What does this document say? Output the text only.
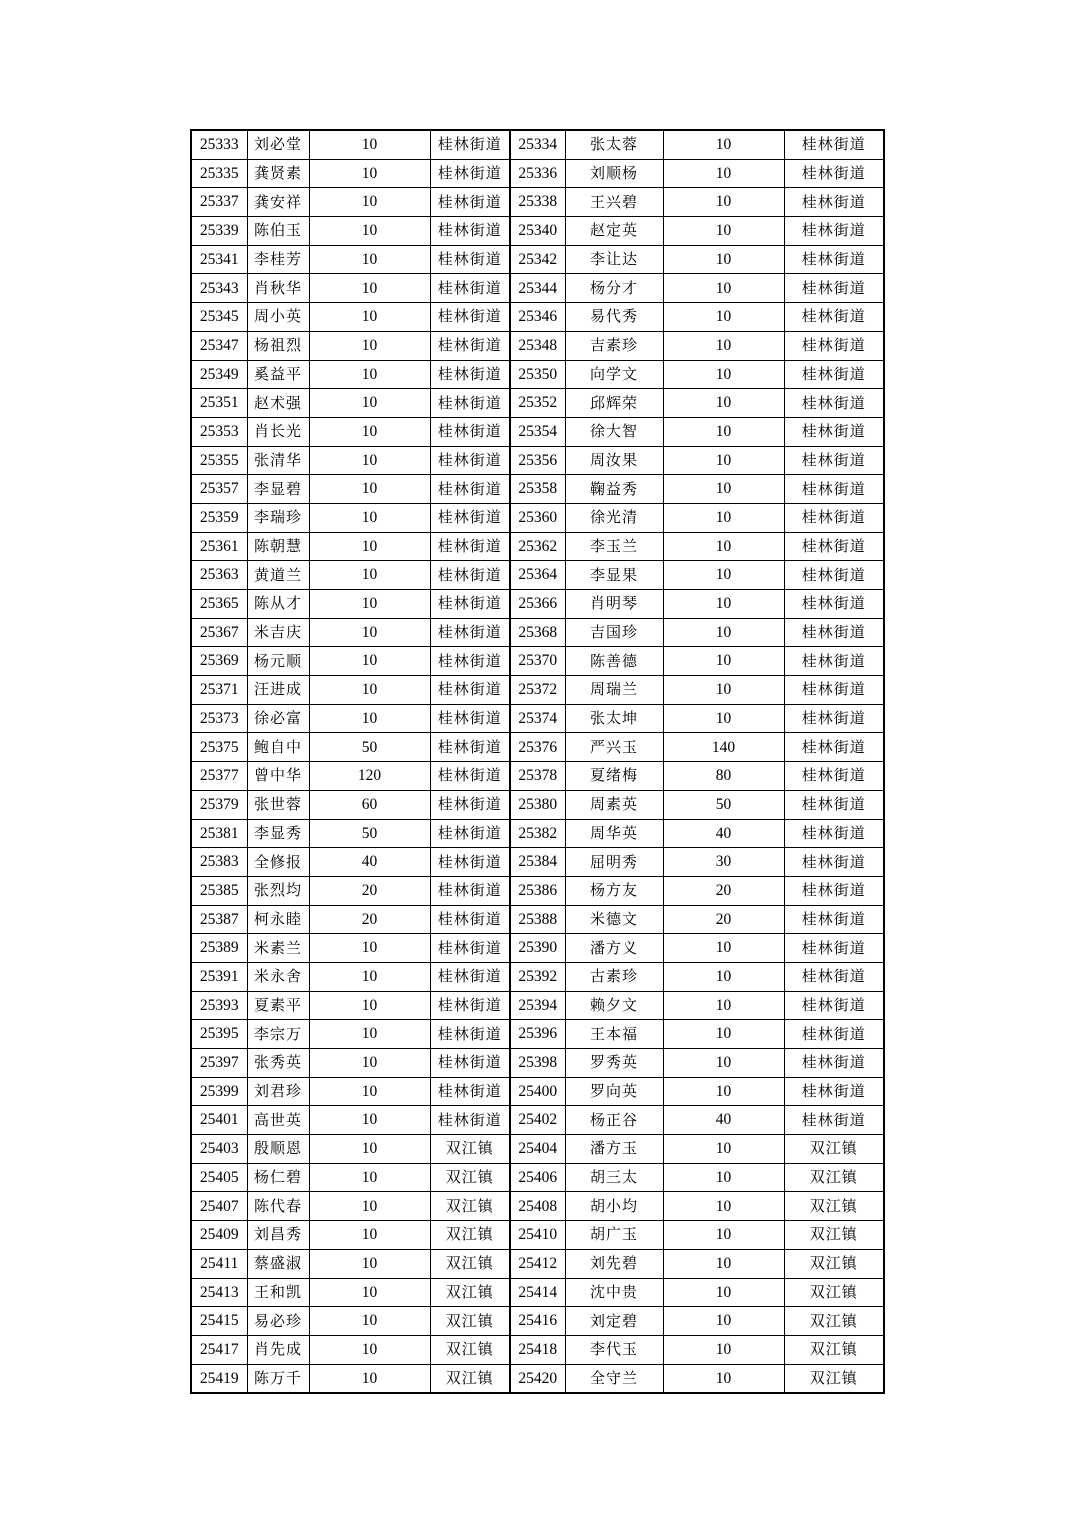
25333	刘必堂	10	桂林街道	25334	张太蓉	10	桂林街道
25335	龚贤素	10	桂林街道	25336	刘顺杨	10	桂林街道
25337	龚安祥	10	桂林街道	25338	王兴碧	10	桂林街道
25339	陈伯玉	10	桂林街道	25340	赵定英	10	桂林街道
25341	李桂芳	10	桂林街道	25342	李让达	10	桂林街道
25343	肖秋华	10	桂林街道	25344	杨分才	10	桂林街道
25345	周小英	10	桂林街道	25346	易代秀	10	桂林街道
25347	杨祖烈	10	桂林街道	25348	吉素珍	10	桂林街道
25349	奚益平	10	桂林街道	25350	向学文	10	桂林街道
25351	赵术强	10	桂林街道	25352	邱辉荣	10	桂林街道
25353	肖长光	10	桂林街道	25354	徐大智	10	桂林街道
25355	张清华	10	桂林街道	25356	周汝果	10	桂林街道
25357	李显碧	10	桂林街道	25358	鞠益秀	10	桂林街道
25359	李瑞珍	10	桂林街道	25360	徐光清	10	桂林街道
25361	陈朝慧	10	桂林街道	25362	李玉兰	10	桂林街道
25363	黄道兰	10	桂林街道	25364	李显果	10	桂林街道
25365	陈从才	10	桂林街道	25366	肖明琴	10	桂林街道
25367	米吉庆	10	桂林街道	25368	吉国珍	10	桂林街道
25369	杨元顺	10	桂林街道	25370	陈善德	10	桂林街道
25371	汪进成	10	桂林街道	25372	周瑞兰	10	桂林街道
25373	徐必富	10	桂林街道	25374	张太坤	10	桂林街道
25375	鲍自中	50	桂林街道	25376	严兴玉	140	桂林街道
25377	曾中华	120	桂林街道	25378	夏绪梅	80	桂林街道
25379	张世蓉	60	桂林街道	25380	周素英	50	桂林街道
25381	李显秀	50	桂林街道	25382	周华英	40	桂林街道
25383	全修报	40	桂林街道	25384	屈明秀	30	桂林街道
25385	张烈均	20	桂林街道	25386	杨方友	20	桂林街道
25387	柯永睦	20	桂林街道	25388	米德文	20	桂林街道
25389	米素兰	10	桂林街道	25390	潘方义	10	桂林街道
25391	米永舍	10	桂林街道	25392	古素珍	10	桂林街道
25393	夏素平	10	桂林街道	25394	赖夕文	10	桂林街道
25395	李宗万	10	桂林街道	25396	王本福	10	桂林街道
25397	张秀英	10	桂林街道	25398	罗秀英	10	桂林街道
25399	刘君珍	10	桂林街道	25400	罗向英	10	桂林街道
25401	高世英	10	桂林街道	25402	杨正谷	40	桂林街道
25403	殷顺恩	10	双江镇	25404	潘方玉	10	双江镇
25405	杨仁碧	10	双江镇	25406	胡三太	10	双江镇
25407	陈代春	10	双江镇	25408	胡小均	10	双江镇
25409	刘昌秀	10	双江镇	25410	胡广玉	10	双江镇
25411	蔡盛淑	10	双江镇	25412	刘先碧	10	双江镇
25413	王和凯	10	双江镇	25414	沈中贵	10	双江镇
25415	易必珍	10	双江镇	25416	刘定碧	10	双江镇
25417	肖先成	10	双江镇	25418	李代玉	10	双江镇
25419	陈万千	10	双江镇	25420	全守兰	10	双江镇
